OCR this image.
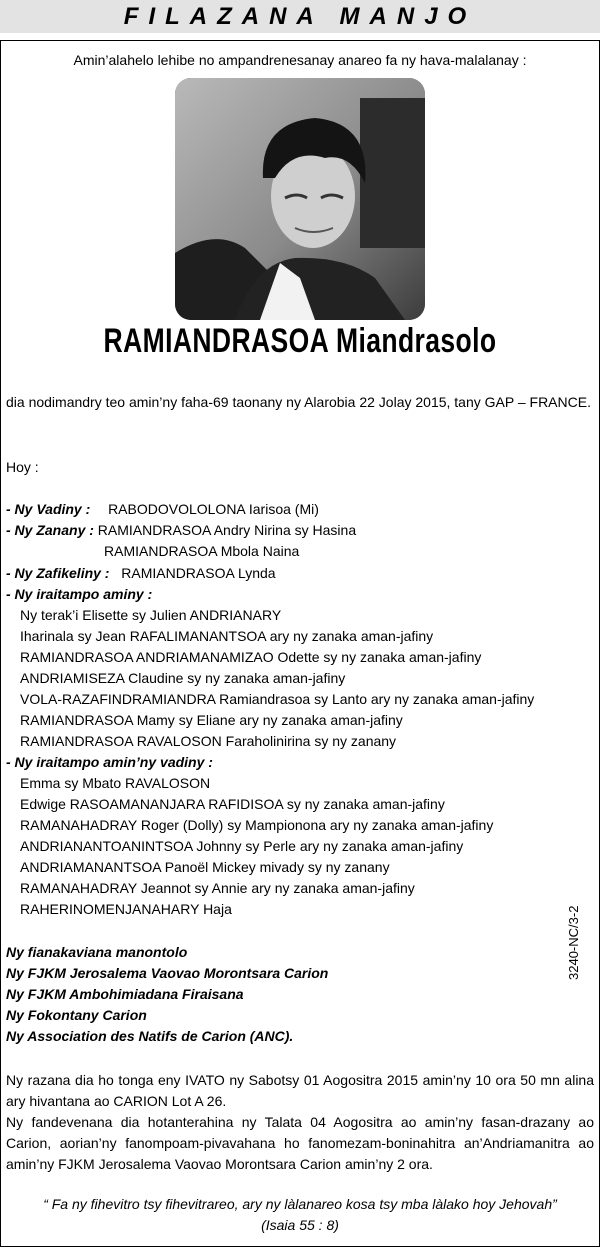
FILAZANA MANJO
Amin’alahelo lehibe no ampandrenesanay anareo fa ny hava-malalanay :
RAMIANDRASOA Miandrasolo
dia nodimandry teo amin’ny faha-69 taonany ny Alarobia 22 Jolay 2015, tany GAP – FRANCE.
Hoy :
- Ny Vadiny : RABODOVOLOLONA Iarisoa (Mi)
- Ny Zanany : RAMIANDRASOA Andry Nirina sy Hasina
RAMIANDRASOA Mbola Naina
- Ny Zafikeliny : RAMIANDRASOA Lynda
- Ny iraitampo aminy :
Ny terak’i Elisette sy Julien ANDRIANARY
Iharinala sy Jean RAFALIMANANTSOA ary ny zanaka aman-jafiny
RAMIANDRASOA ANDRIAMANAMIZAO Odette sy ny zanaka aman-jafiny
ANDRIAMISEZA Claudine sy ny zanaka aman-jafiny
VOLA-RAZAFINDRAMIANDRA Ramiandrasoa sy Lanto ary ny zanaka aman-jafiny
RAMIANDRASOA Mamy sy Eliane ary ny zanaka aman-jafiny
RAMIANDRASOA RAVALOSON Faraholinirina sy ny zanany
- Ny iraitampo amin’ny vadiny :
Emma sy Mbato RAVALOSON
Edwige RASOAMANANJARA RAFIDISOA sy ny zanaka aman-jafiny
RAMANAHADRAY Roger (Dolly) sy Mampionona ary ny zanaka aman-jafiny
ANDRIANANTOANINTSOA Johnny sy Perle ary ny zanaka aman-jafiny
ANDRIAMANANTSOA Panoël Mickey mivady sy ny zanany
RAMANAHADRAY Jeannot sy Annie ary ny zanaka aman-jafiny
RAHERINOMENJANAHARY Haja	3240-NC/3-2
Ny fianakaviana manontolo
Ny FJKM Jerosalema Vaovao Morontsara Carion
Ny FJKM Ambohimiadana Firaisana
Ny Fokontany Carion
Ny Association des Natifs de Carion (ANC).
Ny razana dia ho tonga eny IVATO ny Sabotsy 01 Aogositra 2015 amin’ny 10 ora 50 mn alina ary hivantana ao CARION Lot A 26.
Ny fandevenana dia hotanterahina ny Talata 04 Aogositra ao amin’ny fasan-drazany ao Carion, aorian’ny fanompoam-pivavahana ho fanomezam-boninahitra an’Andriamanitra ao amin’ny FJKM Jerosalema Vaovao Morontsara Carion amin’ny 2 ora.
“ Fa ny fihevitro tsy fihevitrareo, ary ny làlanareo kosa tsy mba làlako hoy Jehovah”
(Isaia 55 : 8)
